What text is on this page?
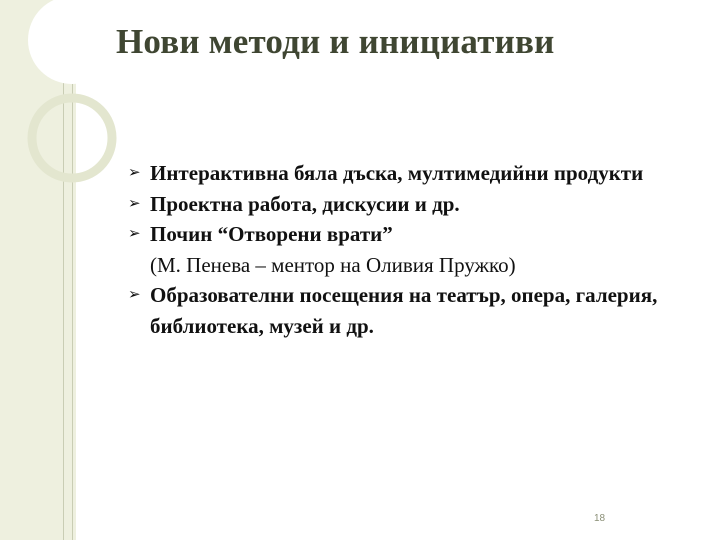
Нови методи и инициативи
➢ Интерактивна бяла дъска, мултимедийни продукти
➢ Проектна работа, дискусии и др.
➢ Почин “Отворени врати”
(М. Пенева – ментор на Оливия Пружко)
➢ Образователни посещения на театър, опера, галерия, библиотека, музей и др.
18
